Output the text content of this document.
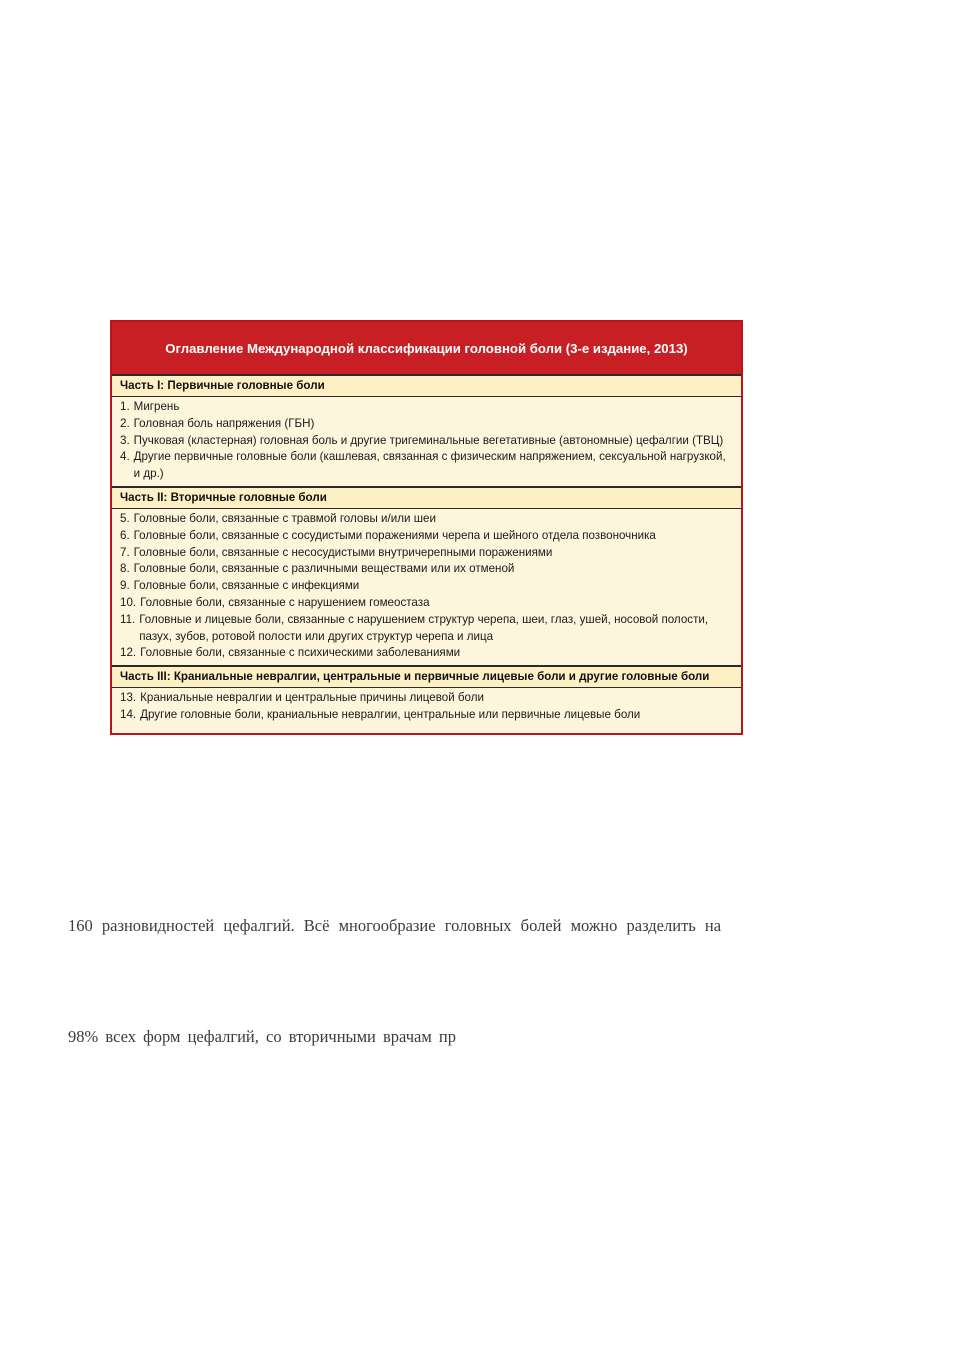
Оглавление Международной классификации головной боли (3-е издание, 2013)
Часть I: Первичные головные боли
1. Мигрень
2. Головная боль напряжения (ГБН)
3. Пучковая (кластерная) головная боль и другие тригеминальные вегетативные (автономные) цефалгии (ТВЦ)
4. Другие первичные головные боли (кашлевая, связанная с физическим напряжением, сексуальной нагрузкой, и др.)
Часть II: Вторичные головные боли
5. Головные боли, связанные с травмой головы и/или шеи
6. Головные боли, связанные с сосудистыми поражениями черепа и шейного отдела позвоночника
7. Головные боли, связанные с несосудистыми внутричерепными поражениями
8. Головные боли, связанные с различными веществами или их отменой
9. Головные боли, связанные с инфекциями
10. Головные боли, связанные с нарушением гомеостаза
11. Головные и лицевые боли, связанные с нарушением структур черепа, шеи, глаз, ушей, носовой полости, пазух, зубов, ротовой полости или других структур черепа и лица
12. Головные боли, связанные с психическими заболеваниями
Часть III: Краниальные невралгии, центральные и первичные лицевые боли и другие головные боли
13. Краниальные невралгии и центральные причины лицевой боли
14. Другие головные боли, краниальные невралгии, центральные или первичные лицевые боли
160 разновидностей цефалгий. Всё многообразие головных болей можно разделить на
98% всех форм цефалгий, со вторичными врачам пр
